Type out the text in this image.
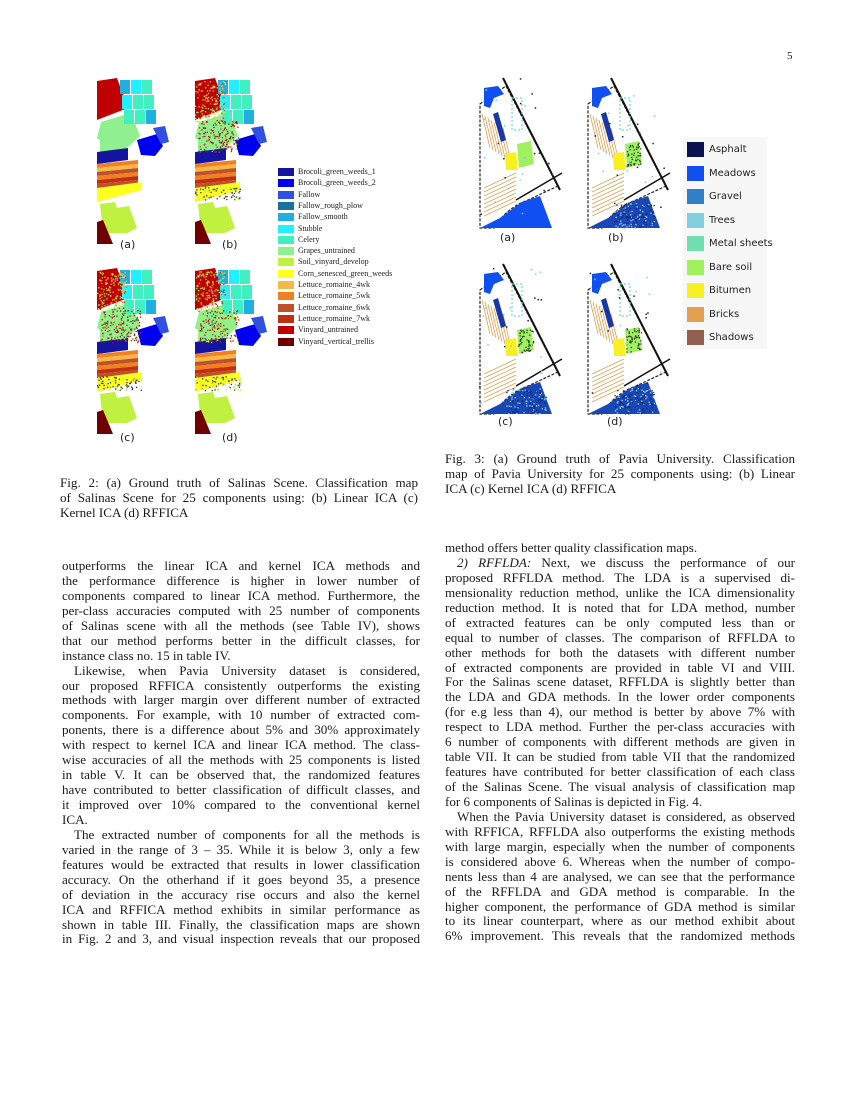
5
Brocoli_green_weeds_1
Brocoli_green_weeds_2
Fallow
Fallow_rough_plow
Fallow_smooth
Stubble
Celery
Grapes_untrained
Soil_vinyard_develop
Corn_senesced_green_weeds
Lettuce_romaine_4wk
Lettuce_romaine_5wk
Lettuce_romaine_6wk
Lettuce_romaine_7wk
Vinyard_untrained
Vinyard_vertical_trellis
Fig. 2: (a) Ground truth of Salinas Scene. Classification map
of Salinas Scene for 25 components using: (b) Linear ICA (c)
Kernel ICA (d) RFFICA
Asphalt
Meadows
Gravel
Trees
Metal sheets
Bare soil
Bitumen
Bricks
Shadows
Fig. 3: (a) Ground truth of Pavia University. Classification
map of Pavia University for 25 components using: (b) Linear
ICA (c) Kernel ICA (d) RFFICA
outperforms the linear ICA and kernel ICA methods and
the performance difference is higher in lower number of
components compared to linear ICA method. Furthermore, the
per-class accuracies computed with 25 number of components
of Salinas scene with all the methods (see Table IV), shows
that our method performs better in the difficult classes, for
instance class no. 15 in table IV.
Likewise, when Pavia University dataset is considered,
our proposed RFFICA consistently outperforms the existing
methods with larger margin over different number of extracted
components. For example, with 10 number of extracted com-
ponents, there is a difference about 5% and 30% approximately
with respect to kernel ICA and linear ICA method. The class-
wise accuracies of all the methods with 25 components is listed
in table V. It can be observed that, the randomized features
have contributed to better classification of difficult classes, and
it improved over 10% compared to the conventional kernel
ICA.
The extracted number of components for all the methods is
varied in the range of 3 – 35. While it is below 3, only a few
features would be extracted that results in lower classification
accuracy. On the otherhand if it goes beyond 35, a presence
of deviation in the accuracy rise occurs and also the kernel
ICA and RFFICA method exhibits in similar performance as
shown in table III. Finally, the classification maps are shown
in Fig. 2 and 3, and visual inspection reveals that our proposed
method offers better quality classification maps.
2) RFFLDA: Next, we discuss the performance of our
proposed RFFLDA method. The LDA is a supervised di-
mensionality reduction method, unlike the ICA dimensionality
reduction method. It is noted that for LDA method, number
of extracted features can be only computed less than or
equal to number of classes. The comparison of RFFLDA to
other methods for both the datasets with different number
of extracted components are provided in table VI and VIII.
For the Salinas scene dataset, RFFLDA is slightly better than
the LDA and GDA methods. In the lower order components
(for e.g less than 4), our method is better by above 7% with
respect to LDA method. Further the per-class accuracies with
6 number of components with different methods are given in
table VII. It can be studied from table VII that the randomized
features have contributed for better classification of each class
of the Salinas Scene. The visual analysis of classification map
for 6 components of Salinas is depicted in Fig. 4.
When the Pavia University dataset is considered, as observed
with RFFICA, RFFLDA also outperforms the existing methods
with large margin, especially when the number of components
is considered above 6. Whereas when the number of compo-
nents less than 4 are analysed, we can see that the performance
of the RFFLDA and GDA method is comparable. In the
higher component, the performance of GDA method is similar
to its linear counterpart, where as our method exhibit about
6% improvement. This reveals that the randomized methods
(a)	(b)
(c)	(d)
(a)	(b)
(c)	(d)
